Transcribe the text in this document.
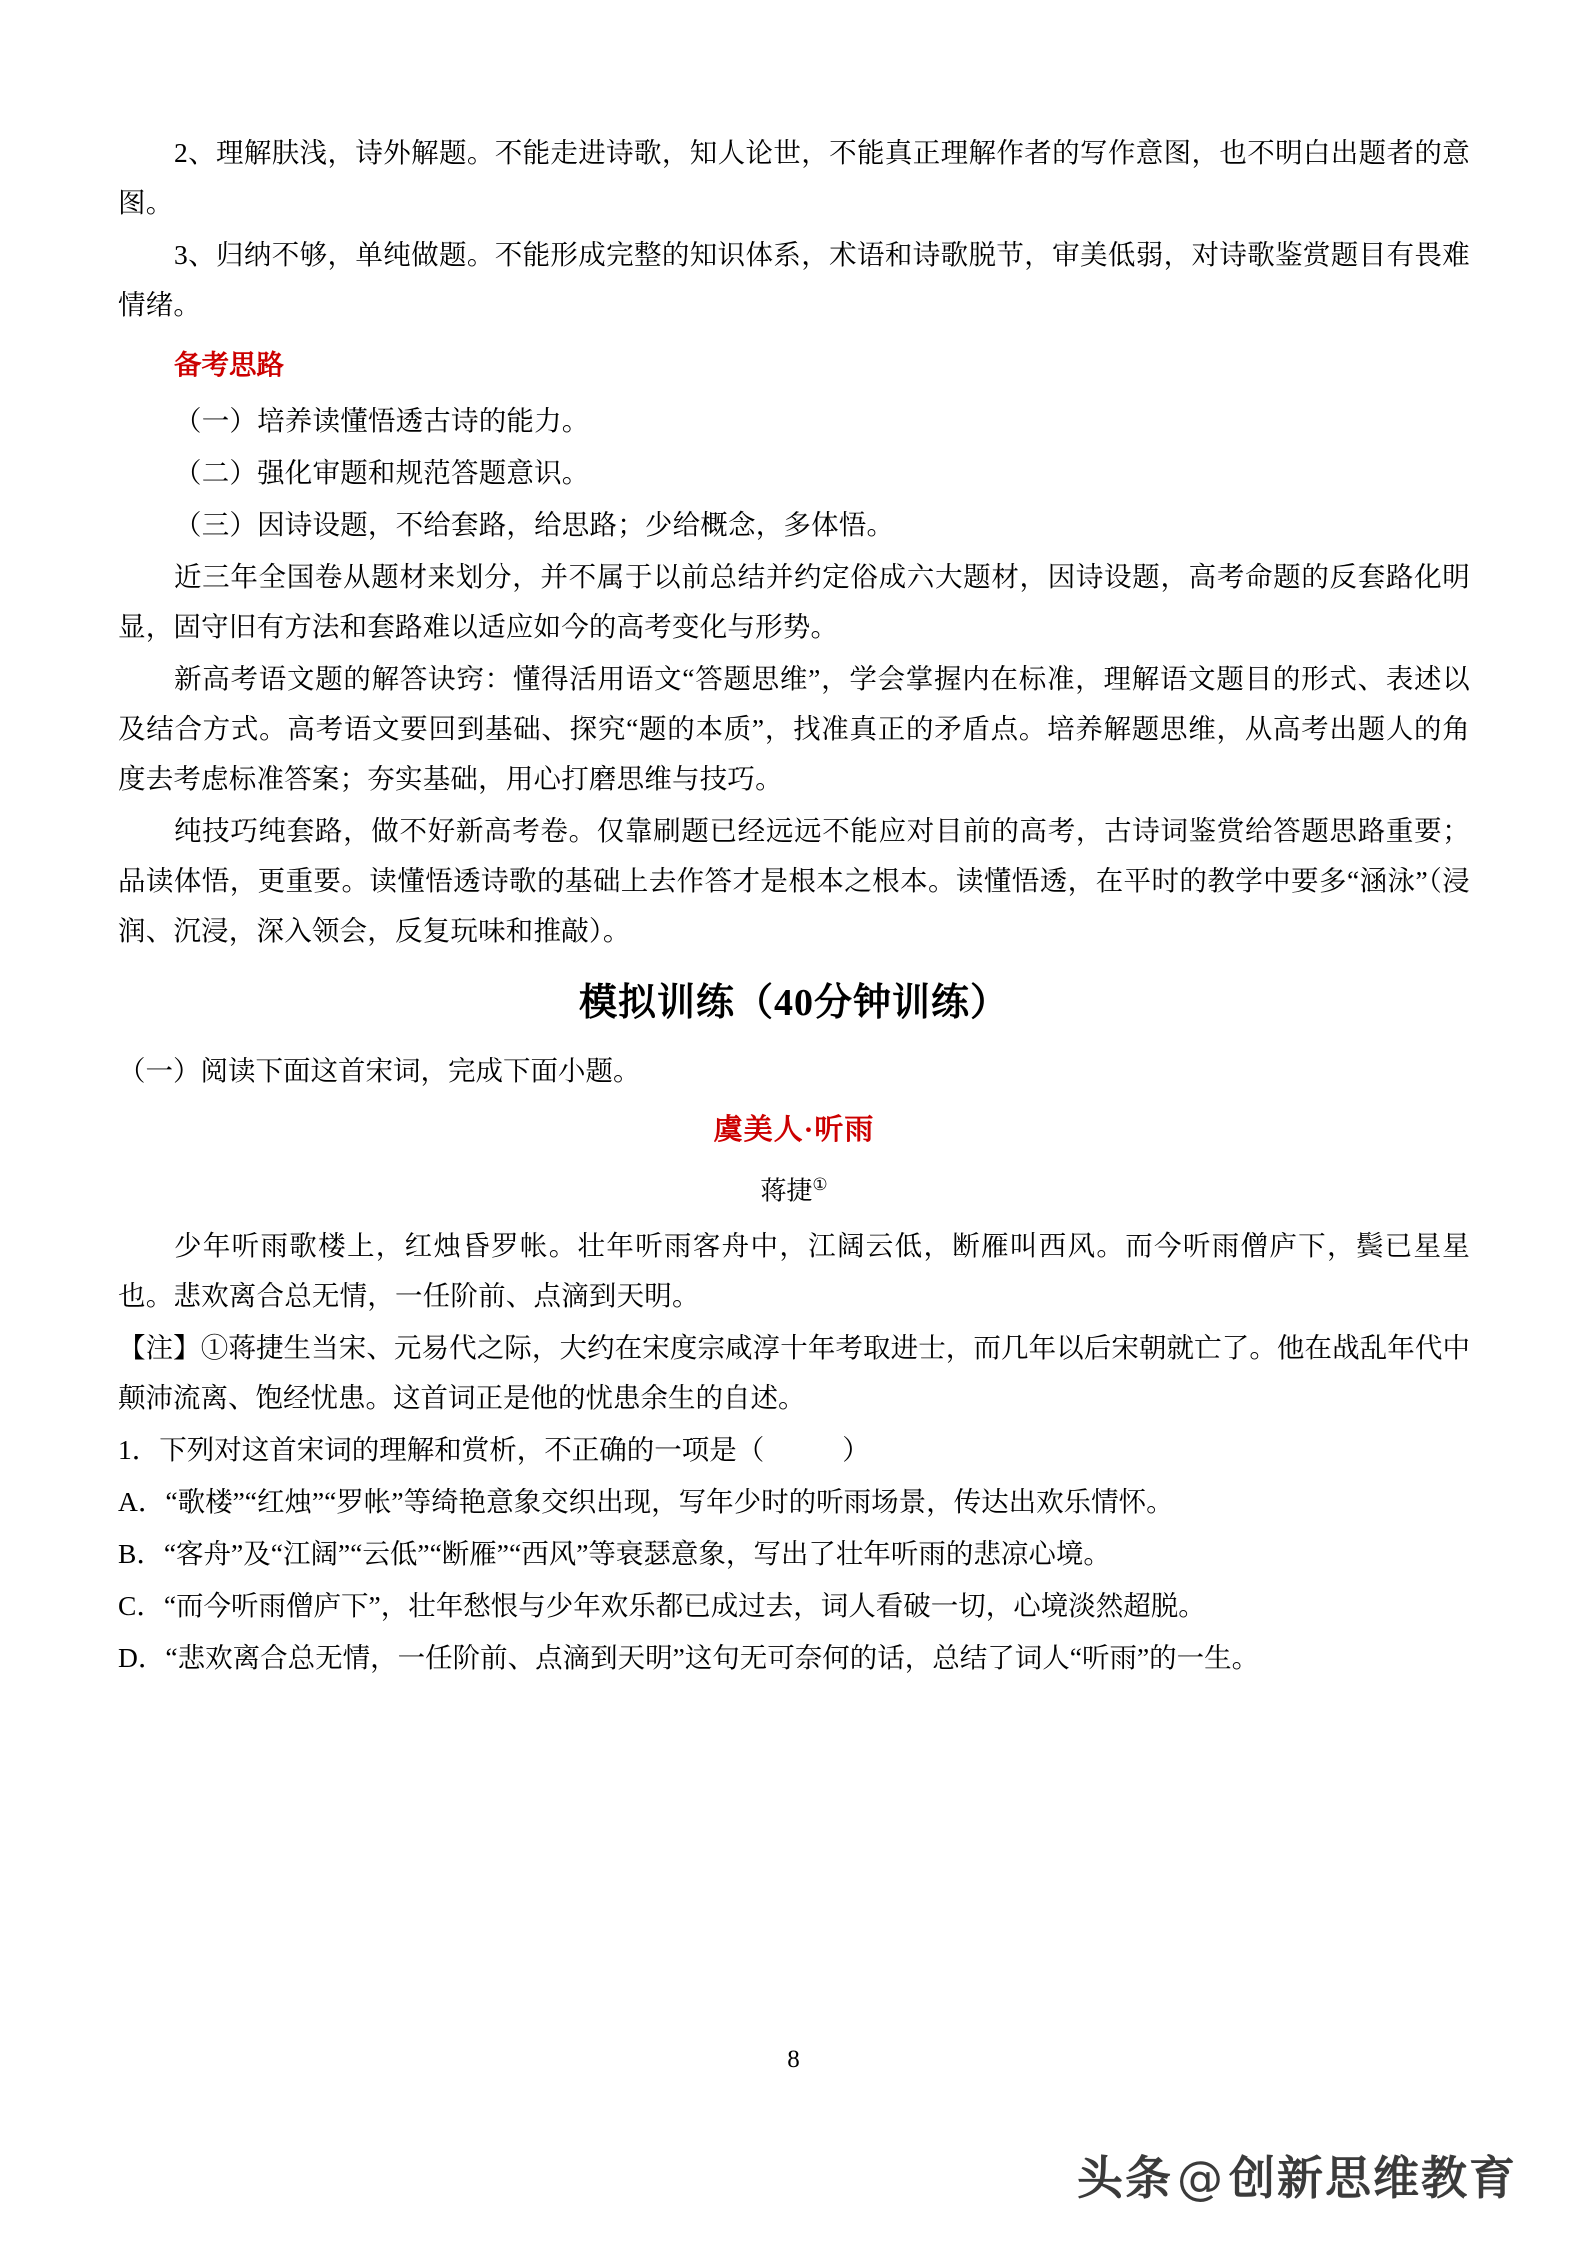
2、理解肤浅，诗外解题。不能走进诗歌，知人论世，不能真正理解作者的写作意图，也不明白出题者的意图。

3、归纳不够，单纯做题。不能形成完整的知识体系，术语和诗歌脱节，审美低弱，对诗歌鉴赏题目有畏难情绪。

备考思路

（一）培养读懂悟透古诗的能力。

（二）强化审题和规范答题意识。

（三）因诗设题，不给套路，给思路；少给概念，多体悟。

近三年全国卷从题材来划分，并不属于以前总结并约定俗成六大题材，因诗设题，高考命题的反套路化明显，固守旧有方法和套路难以适应如今的高考变化与形势。

新高考语文题的解答诀窍：懂得活用语文“答题思维”，学会掌握内在标准，理解语文题目的形式、表述以及结合方式。高考语文要回到基础、探究“题的本质”，找准真正的矛盾点。培养解题思维，从高考出题人的角度去考虑标准答案；夯实基础，用心打磨思维与技巧。

纯技巧纯套路，做不好新高考卷。仅靠刷题已经远远不能应对目前的高考，古诗词鉴赏给答题思路重要；品读体悟，更重要。读懂悟透诗歌的基础上去作答才是根本之根本。读懂悟透，在平时的教学中要多“涵泳”（浸润、沉浸，深入领会，反复玩味和推敲）。

模拟训练（40分钟训练）

（一）阅读下面这首宋词，完成下面小题。

虞美人·听雨
蒋捷①

少年听雨歌楼上，红烛昏罗帐。壮年听雨客舟中，江阔云低，断雁叫西风。而今听雨僧庐下，鬓已星星也。悲欢离合总无情，一任阶前、点滴到天明。

【注】①蒋捷生当宋、元易代之际，大约在宋度宗咸淳十年考取进士，而几年以后宋朝就亡了。他在战乱年代中颠沛流离、饱经忧患。这首词正是他的忧患余生的自述。

1．下列对这首宋词的理解和赏析，不正确的一项是（	）

A．“歌楼”“红烛”“罗帐”等绮艳意象交织出现，写年少时的听雨场景，传达出欢乐情怀。

B．“客舟”及“江阔”“云低”“断雁”“西风”等衰瑟意象，写出了壮年听雨的悲凉心境。

C．“而今听雨僧庐下”，壮年愁恨与少年欢乐都已成过去，词人看破一切，心境淡然超脱。

D．“悲欢离合总无情，一任阶前、点滴到天明”这句无可奈何的话，总结了词人“听雨”的一生。

8
头条@创新思维教育
